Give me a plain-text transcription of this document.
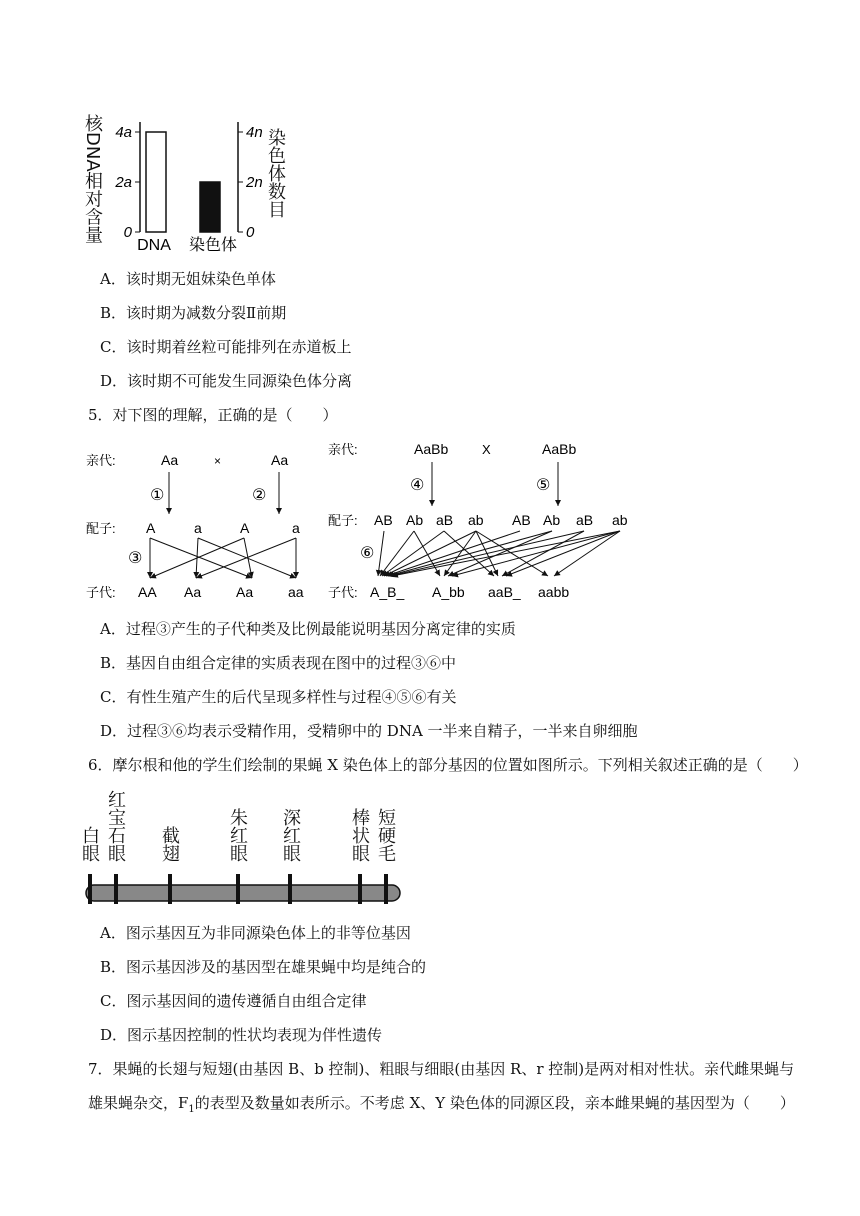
核DNA相对含量	染色体数目
4a	4n
2a	2n
0	0
DNA 染色体
A．该时期无姐妹染色单体
B．该时期为减数分裂Ⅱ前期
C．该时期着丝粒可能排列在赤道板上
D．该时期不可能发生同源染色体分离
5．对下图的理解，正确的是（　　）
亲代:	Aa	×	Aa
①	②
配子: A	a	A	a
③
子代: AA Aa Aa aa
亲代:	AaBb	X	AaBb
④	⑤
配子: AB Ab aB ab AB Ab aB ab
⑥
子代: A_B_ A_bb aaB_ aabb
A．过程③产生的子代种类及比例最能说明基因分离定律的实质
B．基因自由组合定律的实质表现在图中的过程③⑥中
C．有性生殖产生的后代呈现多样性与过程④⑤⑥有关
D．过程③⑥均表示受精作用，受精卵中的 DNA 一半来自精子，一半来自卵细胞
6．摩尔根和他的学生们绘制的果蝇 X 染色体上的部分基因的位置如图所示。下列相关叙述正确的是（　　）
白眼 红宝石眼 截翅	朱红眼 深红眼	棒状眼 短硬毛
A．图示基因互为非同源染色体上的非等位基因
B．图示基因涉及的基因型在雄果蝇中均是纯合的
C．图示基因间的遗传遵循自由组合定律
D．图示基因控制的性状均表现为伴性遗传
7．果蝇的长翅与短翅(由基因 B、b 控制)、粗眼与细眼(由基因 R、r 控制)是两对相对性状。亲代雌果蝇与
雄果蝇杂交，$F_1$的表型及数量如表所示。不考虑 X、Y 染色体的同源区段，亲本雌果蝇的基因型为（　　）
